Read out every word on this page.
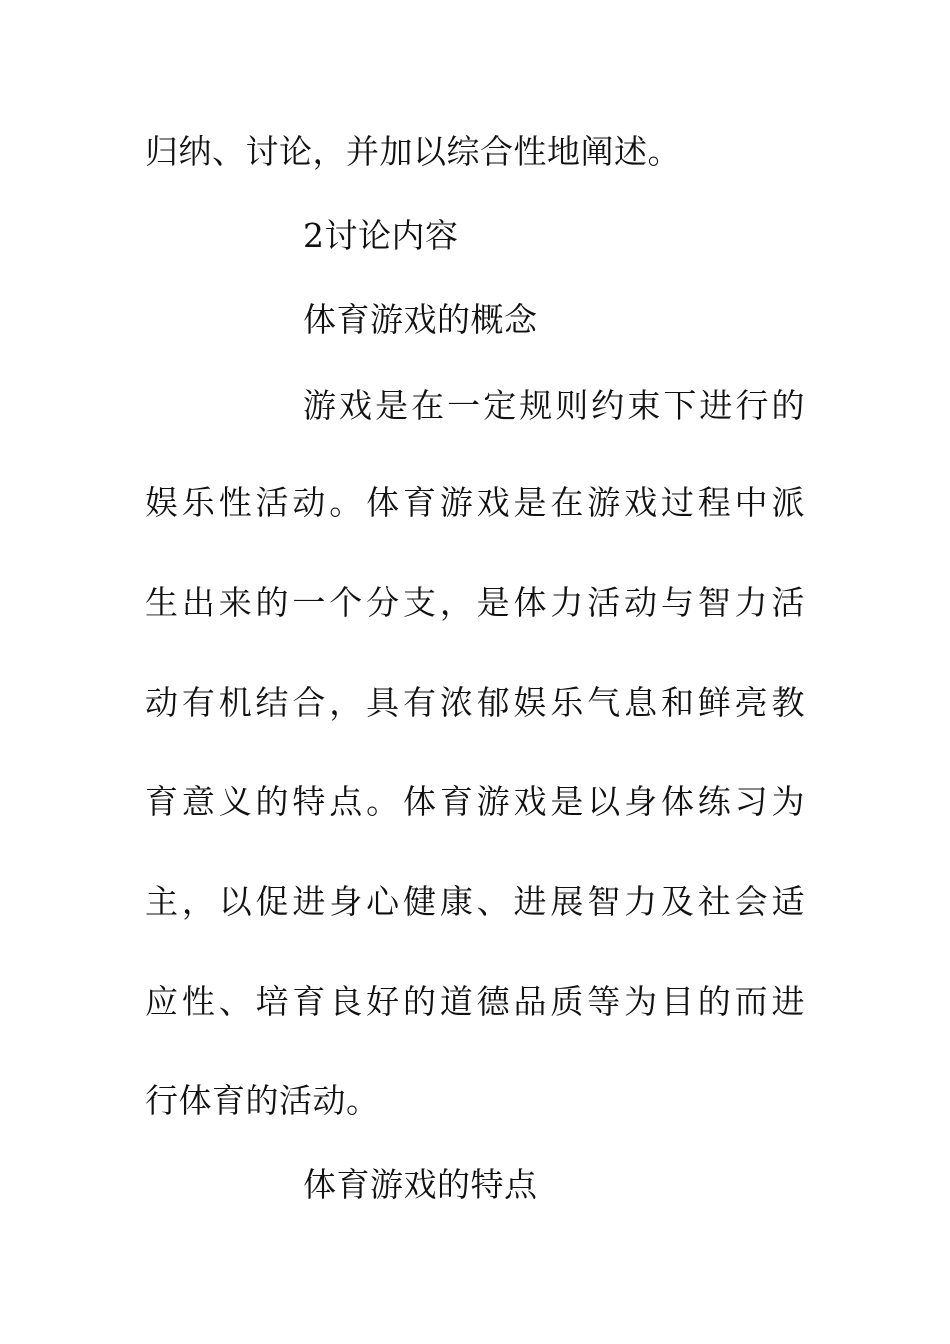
归纳、讨论，并加以综合性地阐述。
2讨论内容
体育游戏的概念
游戏是在一定规则约束下进行的
娱乐性活动。体育游戏是在游戏过程中派
生出来的一个分支，是体力活动与智力活
动有机结合，具有浓郁娱乐气息和鲜亮教
育意义的特点。体育游戏是以身体练习为
主，以促进身心健康、进展智力及社会适
应性、培育良好的道德品质等为目的而进
行体育的活动。
体育游戏的特点
